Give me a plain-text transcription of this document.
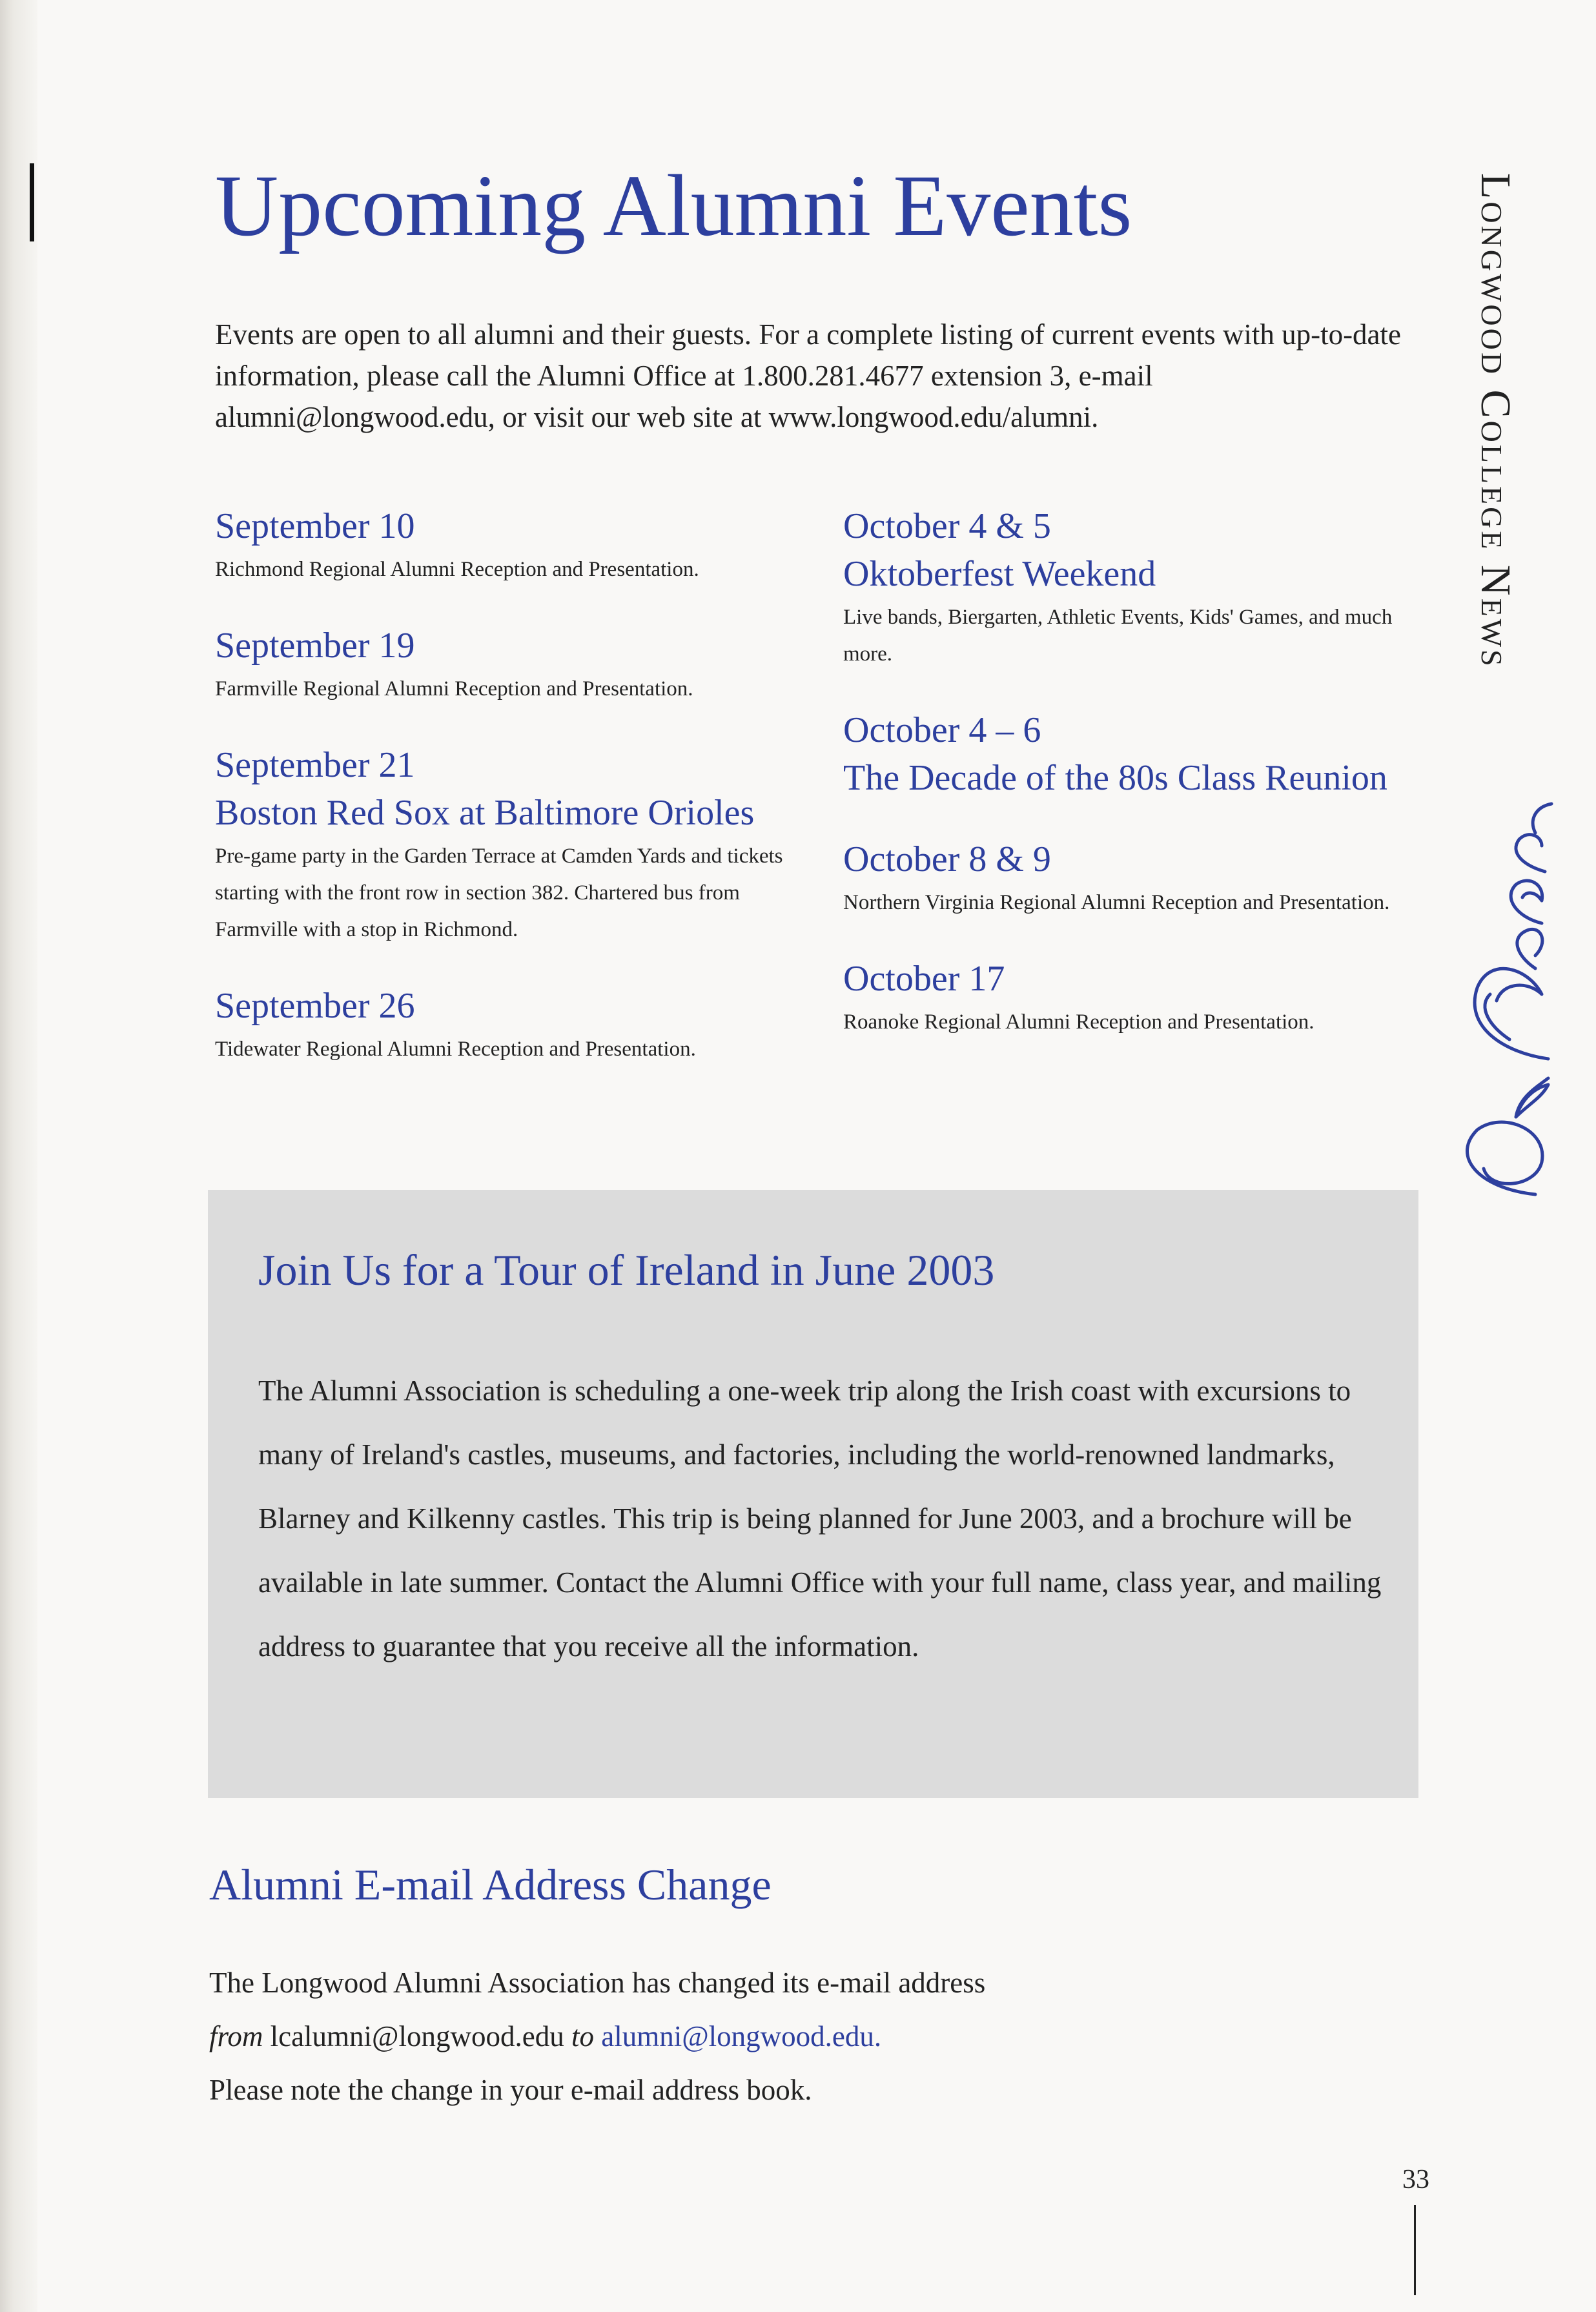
Upcoming Alumni Events

Events are open to all alumni and their guests. For a complete listing of current events with up-to-date information, please call the Alumni Office at 1.800.281.4677 extension 3, e-mail alumni@longwood.edu, or visit our web site at www.longwood.edu/alumni.

September 10
Richmond Regional Alumni Reception and Presentation.
September 19
Farmville Regional Alumni Reception and Presentation.
September 21
Boston Red Sox at Baltimore Orioles
Pre-game party in the Garden Terrace at Camden Yards and tickets starting with the front row in section 382. Chartered bus from Farmville with a stop in Richmond.
September 26
Tidewater Regional Alumni Reception and Presentation.
October 4 & 5
Oktoberfest Weekend
Live bands, Biergarten, Athletic Events, Kids' Games, and much more.
October 4 – 6
The Decade of the 80s Class Reunion
October 8 & 9
Northern Virginia Regional Alumni Reception and Presentation.
October 17
Roanoke Regional Alumni Reception and Presentation.
Join Us for a Tour of Ireland in June 2003

The Alumni Association is scheduling a one-week trip along the Irish coast with excursions to many of Ireland's castles, museums, and factories, including the world-renowned landmarks, Blarney and Kilkenny castles. This trip is being planned for June 2003, and a brochure will be available in late summer. Contact the Alumni Office with your full name, class year, and mailing address to guarantee that you receive all the information.

Alumni E-mail Address Change
The Longwood Alumni Association has changed its e-mail address
from lcalumni@longwood.edu to alumni@longwood.edu.
Please note the change in your e-mail address book.
Longwood College News
33
